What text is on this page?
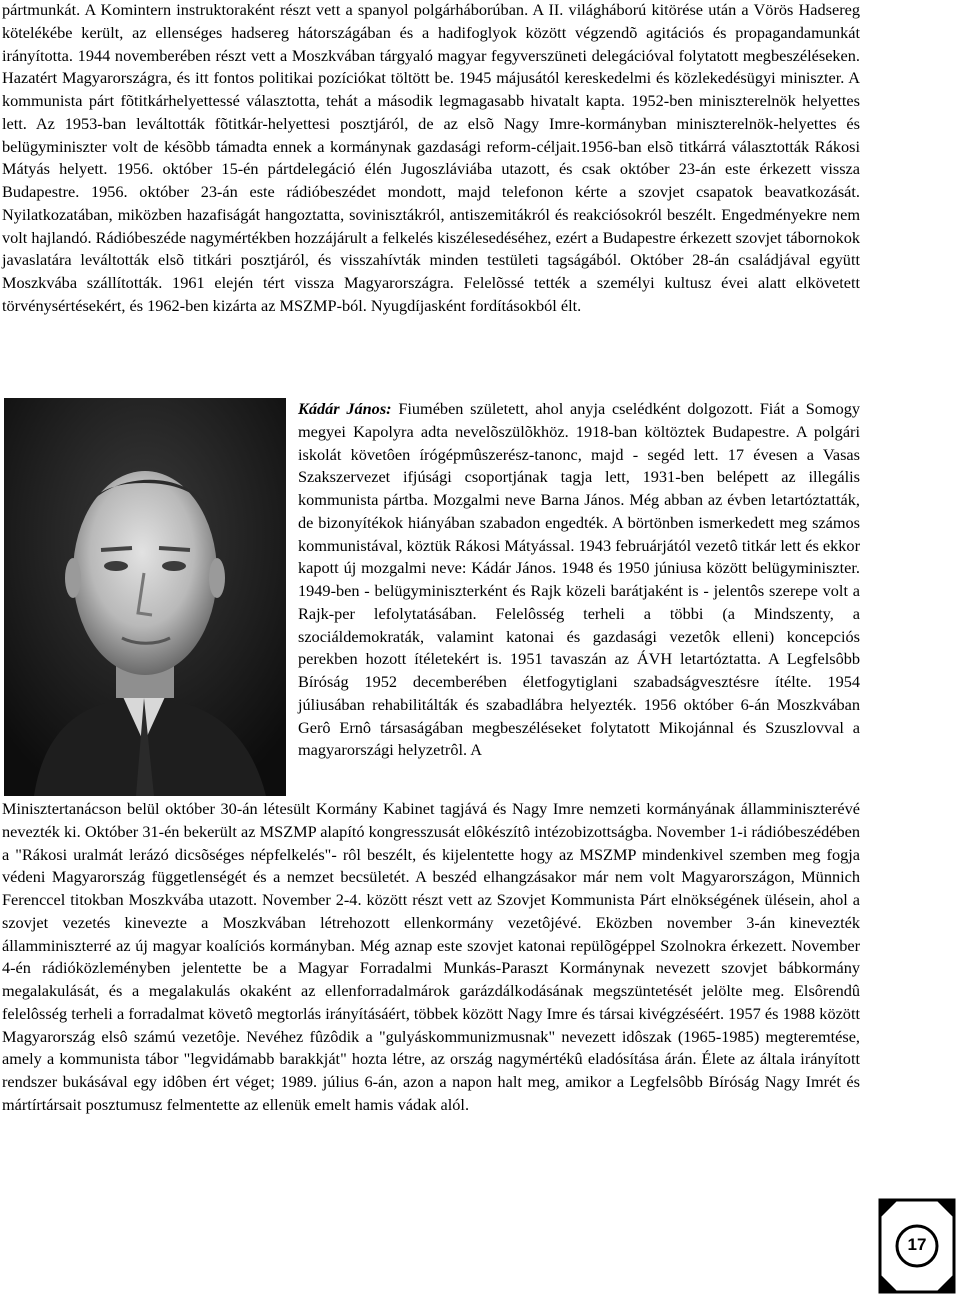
pártmunkát. A Komintern instruktoraként részt vett a spanyol polgárháborúban. A II. világháború kitörése után a Vörös Hadsereg kötelékébe került, az ellenséges hadsereg hátországában és a hadifoglyok között végzendõ agitációs és propagandamunkát irányította. 1944 novemberében részt vett a Moszkvában tárgyaló magyar fegyverszüneti delegációval folytatott megbeszéléseken. Hazatért Magyarországra, és itt fontos politikai pozíciókat töltött be. 1945 májusától kereskedelmi és közlekedésügyi miniszter. A kommunista párt fõtitkárhelyettessé választotta, tehát a második legmagasabb hivatalt kapta. 1952-ben miniszterelnök helyettes lett. Az 1953-ban leváltották fõtitkár-helyettesi posztjáról, de az elsõ Nagy Imre-kormányban miniszterelnök-helyettes és belügyminiszter volt de késõbb támadta ennek a kormánynak gazdasági reform-céljait.1956-ban elsõ titkárrá választották Rákosi Mátyás helyett. 1956. október 15-én pártdelegáció élén Jugoszláviába utazott, és csak október 23-án este érkezett vissza Budapestre. 1956. október 23-án este rádióbeszédet mondott, majd telefonon kérte a szovjet csapatok beavatkozását. Nyilatkozatában, miközben hazafiságát hangoztatta, sovinisztákról, antiszemitákról és reakciósokról beszélt. Engedményekre nem volt hajlandó. Rádióbeszéde nagymértékben hozzájárult a felkelés kiszélesedéséhez, ezért a Budapestre érkezett szovjet tábornokok javaslatára leváltották elsõ titkári posztjáról, és visszahívták minden testületi tagságából. Október 28-án családjával együtt Moszkvába szállították. 1961 elején tért vissza Magyarországra. Felelõssé tették a személyi kultusz évei alatt elkövetett törvénysértésekért, és 1962-ben kizárta az MSZMP-ból. Nyugdíjasként fordításokból élt.

Kádár János: Fiumében született, ahol anyja cselédként dolgozott. Fiát a Somogy megyei Kapolyra adta nevelõszülõkhöz. 1918-ban költöztek Budapestre. A polgári iskolát követôen írógépmûszerész-tanonc, majd - segéd lett. 17 évesen a Vasas Szakszervezet ifjúsági csoportjának tagja lett, 1931-ben belépett az illegális kommunista pártba. Mozgalmi neve Barna János. Még abban az évben letartóztatták, de bizonyítékok hiányában szabadon engedték. A börtönben ismerkedett meg számos kommunistával, köztük Rákosi Mátyással. 1943 februárjától vezetô titkár lett és ekkor kapott új mozgalmi neve: Kádár János. 1948 és 1950 júniusa között belügyminiszter. 1949-ben - belügyminiszterként és Rajk közeli barátjaként is - jelentôs szerepe volt a Rajk-per lefolytatásában. Felelôsség terheli a többi (a Mindszenty, a szociáldemokraták, valamint katonai és gazdasági vezetôk elleni) koncepciós perekben hozott ítéletekért is. 1951 tavaszán az ÁVH letartóztatta. A Legfelsôbb Bíróság 1952 decemberében életfogytiglani szabadságvesztésre ítélte. 1954 júliusában rehabilitálták és szabadlábra helyezték. 1956 október 6-án Moszkvában Gerô Ernô társaságában megbeszéléseket folytatott Mikojánnal és Szuszlovval a magyarországi helyzetrôl. A

Minisztertanácson belül október 30-án létesült Kormány Kabinet tagjává és Nagy Imre nemzeti kormányának államminiszterévé nevezték ki. Október 31-én bekerült az MSZMP alapító kongresszusát elôkészítô intézobizottságba. November 1-i rádióbeszédében a "Rákosi uralmát lerázó dicsõséges népfelkelés"- rôl beszélt, és kijelentette hogy az MSZMP mindenkivel szemben meg fogja védeni Magyarország függetlenségét és a nemzet becsületét. A beszéd elhangzásakor már nem volt Magyarországon, Münnich Ferenccel titokban Moszkvába utazott. November 2-4. között részt vett az Szovjet Kommunista Párt elnökségének ülésein, ahol a szovjet vezetés kinevezte a Moszkvában létrehozott ellenkormány vezetôjévé. Eközben november 3-án kinevezték államminiszterré az új magyar koalíciós kormányban. Még aznap este szovjet katonai repülõgéppel Szolnokra érkezett. November 4-én rádióközleményben jelentette be a Magyar Forradalmi Munkás-Paraszt Kormánynak nevezett szovjet bábkormány megalakulását, és a megalakulás okaként az ellenforradalmárok garázdálkodásának megszüntetését jelölte meg. Elsôrendû felelôsség terheli a forradalmat követô megtorlás irányításáért, többek között Nagy Imre és társai kivégzéséért. 1957 és 1988 között Magyarország elsô számú vezetôje. Nevéhez fûzôdik a "gulyáskommunizmusnak" nevezett idôszak (1965-1985) megteremtése, amely a kommunista tábor "legvidámabb barakkját" hozta létre, az ország nagymértékû eladósítása árán. Élete az általa irányított rendszer bukásával egy idôben ért véget; 1989. július 6-án, azon a napon halt meg, amikor a Legfelsôbb Bíróság Nagy Imrét és mártírtársait posztumusz felmentette az ellenük emelt hamis vádak alól.

17
